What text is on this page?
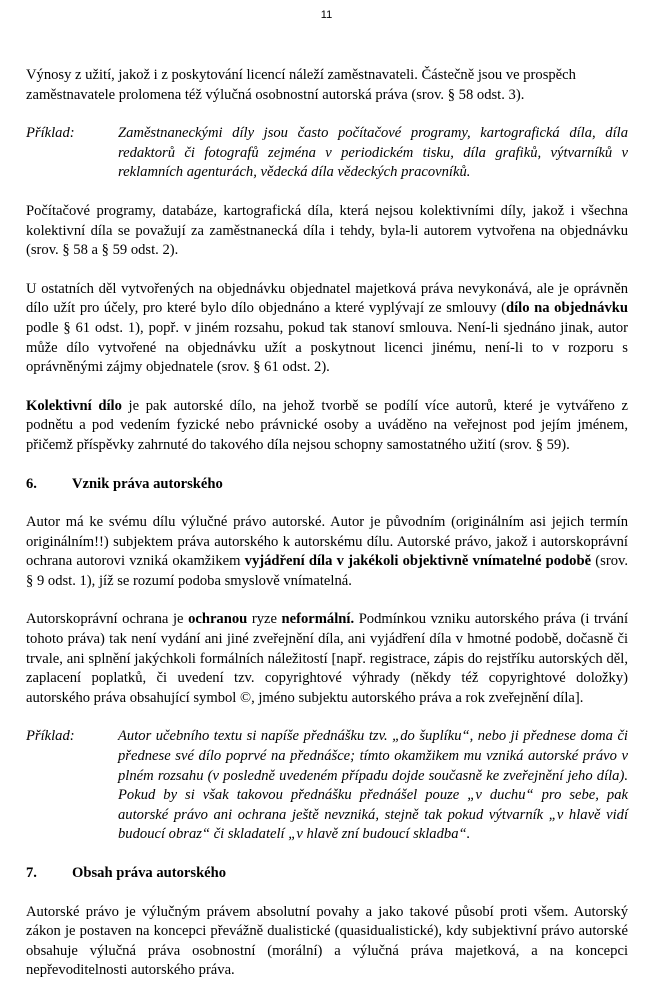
11

Výnosy z užití, jakož i z poskytování licencí náleží zaměstnavateli. Částečně jsou ve prospěch zaměstnavatele prolomena též výlučná osobnostní autorská práva (srov. § 58 odst. 3).

Příklad:	Zaměstnaneckými díly jsou často počítačové programy, kartografická díla, díla redaktorů či fotografů zejména v periodickém tisku, díla grafiků, výtvarníků v reklamních agenturách, vědecká díla vědeckých pracovníků.

Počítačové programy, databáze, kartografická díla, která nejsou kolektivními díly, jakož i všechna kolektivní díla se považují za zaměstnanecká díla i tehdy, byla-li autorem vytvořena na objednávku (srov. § 58 a § 59 odst. 2).

U ostatních děl vytvořených na objednávku objednatel majetková práva nevykonává, ale je oprávněn dílo užít pro účely, pro které bylo dílo objednáno a které vyplývají ze smlouvy (dílo na objednávku podle § 61 odst. 1), popř. v jiném rozsahu, pokud tak stanoví smlouva. Není-li sjednáno jinak, autor může dílo vytvořené na objednávku užít a poskytnout licenci jinému, není-li to v rozporu s oprávněnými zájmy objednatele (srov. § 61 odst. 2).

Kolektivní dílo je pak autorské dílo, na jehož tvorbě se podílí více autorů, které je vytvářeno z podnětu a pod vedením fyzické nebo právnické osoby a uváděno na veřejnost pod jejím jménem, přičemž příspěvky zahrnuté do takového díla nejsou schopny samostatného užití (srov. § 59).

6.	Vznik práva autorského

Autor má ke svému dílu výlučné právo autorské. Autor je původním (originálním asi jejich termín originálním!!) subjektem práva autorského k autorskému dílu. Autorské právo, jakož i autorskoprávní ochrana autorovi vzniká okamžikem vyjádření díla v jakékoli objektivně vnímatelné podobě (srov. § 9 odst. 1), jíž se rozumí podoba smyslově vnímatelná.

Autorskoprávní ochrana je ochranou ryze neformální. Podmínkou vzniku autorského práva (i trvání tohoto práva) tak není vydání ani jiné zveřejnění díla, ani vyjádření díla v hmotné podobě, dočasně či trvale, ani splnění jakýchkoli formálních náležitostí [např. registrace, zápis do rejstříku autorských děl, zaplacení poplatků, či uvedení tzv. copyrightové výhrady (někdy též copyrightové doložky) autorského práva obsahující symbol ©, jméno subjektu autorského práva a rok zveřejnění díla].

Příklad:	Autor učebního textu si napíše přednášku tzv. „do šuplíku“, nebo ji přednese doma či přednese své dílo poprvé na přednášce; tímto okamžikem mu vzniká autorské právo v plném rozsahu (v posledně uvedeném případu dojde současně ke zveřejnění jeho díla). Pokud by si však takovou přednášku přednášel pouze „v duchu“ pro sebe, pak autorské právo ani ochrana ještě nevzniká, stejně tak pokud výtvarník „v hlavě vidí budoucí obraz“ či skladatelí „v hlavě zní budoucí skladba“.
7.	Obsah práva autorského

Autorské právo je výlučným právem absolutní povahy a jako takové působí proti všem. Autorský zákon je postaven na koncepci převážně dualistické (quasidualistické), kdy subjektivní právo autorské obsahuje výlučná práva osobnostní (morální) a výlučná práva majetková, a na koncepci nepřevoditelnosti autorského práva.
